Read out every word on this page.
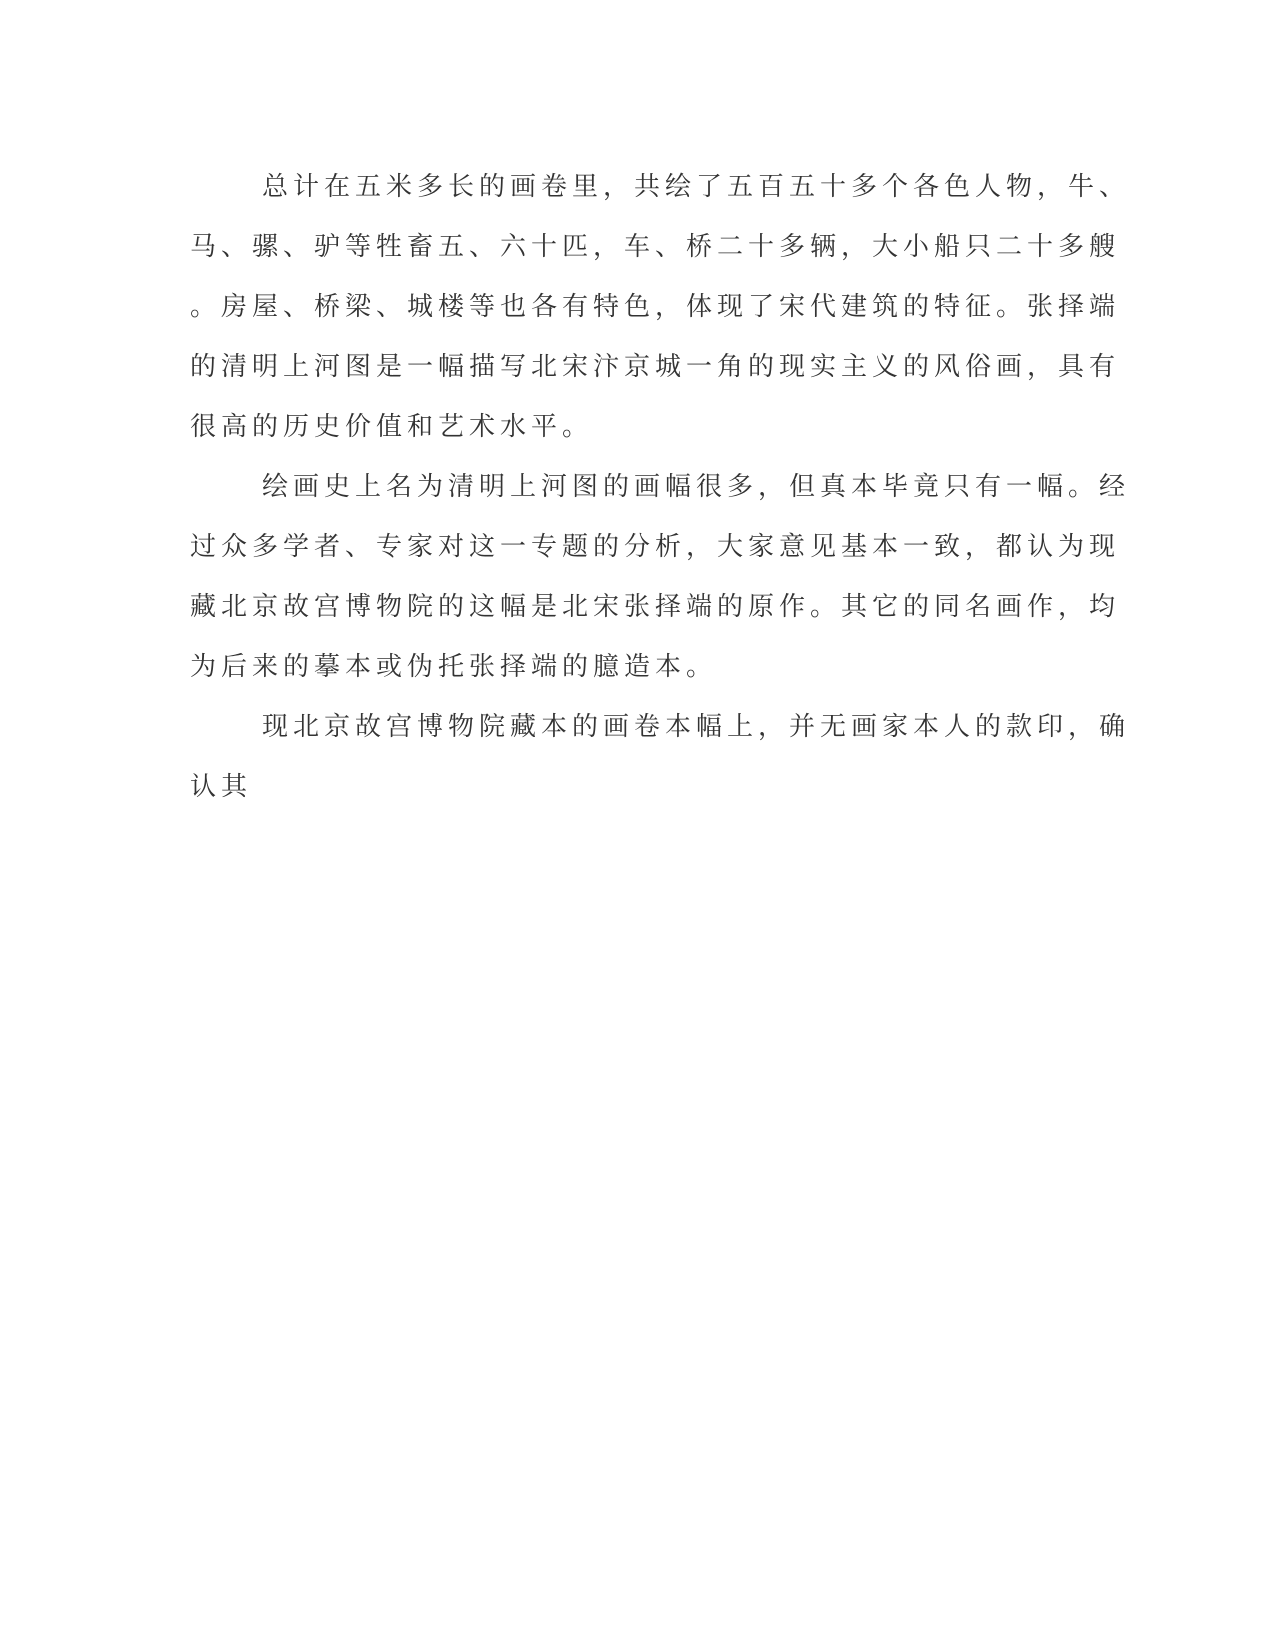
总计在五米多长的画卷里，共绘了五百五十多个各色人物，牛、
马、骡、驴等牲畜五、六十匹，车、桥二十多辆，大小船只二十多艘
。房屋、桥梁、城楼等也各有特色，体现了宋代建筑的特征。张择端
的清明上河图是一幅描写北宋汴京城一角的现实主义的风俗画，具有
很高的历史价值和艺术水平。
绘画史上名为清明上河图的画幅很多，但真本毕竟只有一幅。经
过众多学者、专家对这一专题的分析，大家意见基本一致，都认为现
藏北京故宫博物院的这幅是北宋张择端的原作。其它的同名画作，均
为后来的摹本或伪托张择端的臆造本。
现北京故宫博物院藏本的画卷本幅上，并无画家本人的款印，确
认其
